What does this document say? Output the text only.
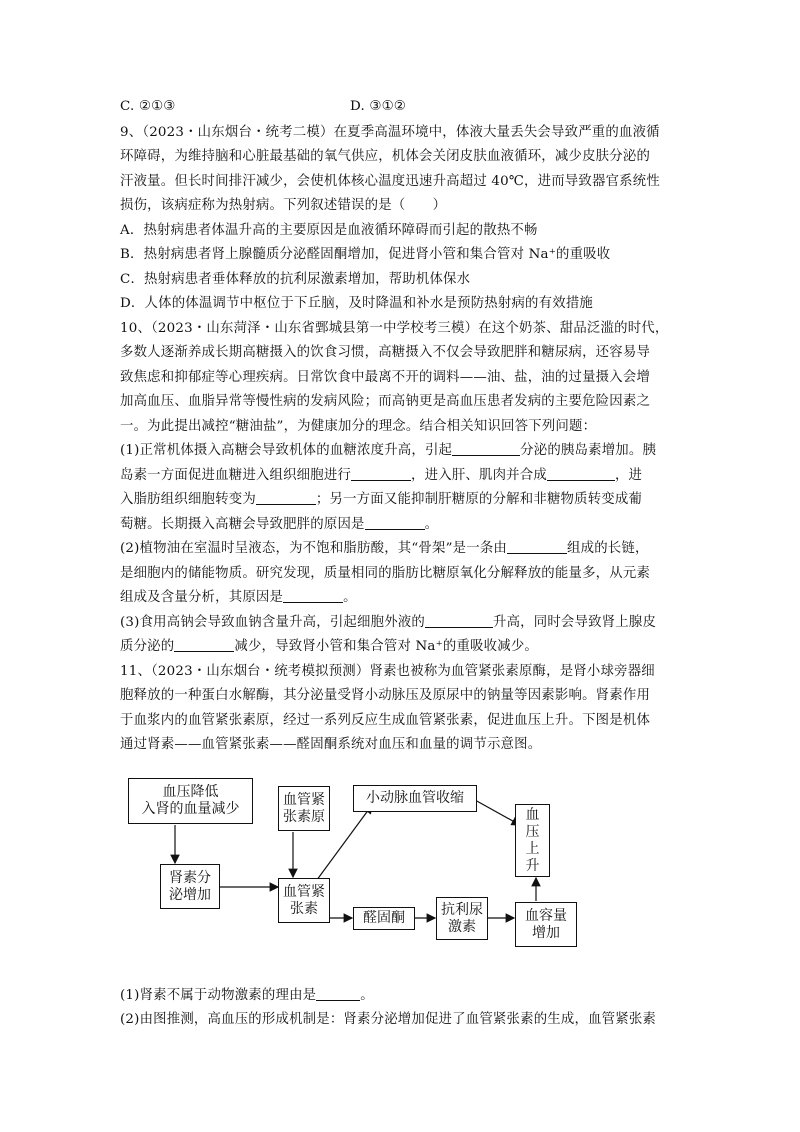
C. ②①③	D. ③①②
9、（2023・山东烟台・统考二模）在夏季高温环境中，体液大量丢失会导致严重的血液循
环障碍，为维持脑和心脏最基础的氧气供应，机体会关闭皮肤血液循环，减少皮肤分泌的
汗液量。但长时间排汗减少，会使机体核心温度迅速升高超过 40℃，进而导致器官系统性
损伤，该病症称为热射病。下列叙述错误的是（　　）
A．热射病患者体温升高的主要原因是血液循环障碍而引起的散热不畅
B．热射病患者肾上腺髓质分泌醛固酮增加，促进肾小管和集合管对 Na⁺的重吸收
C．热射病患者垂体释放的抗利尿激素增加，帮助机体保水
D．人体的体温调节中枢位于下丘脑，及时降温和补水是预防热射病的有效措施
10、（2023・山东菏泽・山东省鄄城县第一中学校考三模）在这个奶茶、甜品泛滥的时代，
多数人逐渐养成长期高糖摄入的饮食习惯，高糖摄入不仅会导致肥胖和糖尿病，还容易导
致焦虑和抑郁症等心理疾病。日常饮食中最离不开的调料——油、盐，油的过量摄入会增
加高血压、血脂异常等慢性病的发病风险；而高钠更是高血压患者发病的主要危险因素之
一。为此提出减控“糖油盐”，为健康加分的理念。结合相关知识回答下列问题：
(1)正常机体摄入高糖会导致机体的血糖浓度升高，引起	分泌的胰岛素增加。胰
岛素一方面促进血糖进入组织细胞进行	，进入肝、肌肉并合成	，进
入脂肪组织细胞转变为	；另一方面又能抑制肝糖原的分解和非糖物质转变成葡
萄糖。长期摄入高糖会导致肥胖的原因是	。
(2)植物油在室温时呈液态，为不饱和脂肪酸，其“骨架”是一条由	组成的长链，
是细胞内的储能物质。研究发现，质量相同的脂肪比糖原氧化分解释放的能量多，从元素
组成及含量分析，其原因是	。
(3)食用高钠会导致血钠含量升高，引起细胞外液的	升高，同时会导致肾上腺皮
质分泌的	减少，导致肾小管和集合管对 Na⁺的重吸收减少。
11、（2023・山东烟台・统考模拟预测）肾素也被称为血管紧张素原酶，是肾小球旁器细
胞释放的一种蛋白水解酶，其分泌量受肾小动脉压及原尿中的钠量等因素影响。肾素作用
于血浆内的血管紧张素原，经过一系列反应生成血管紧张素，促进血压上升。下图是机体
通过肾素——血管紧张素——醛固酮系统对血压和血量的调节示意图。
血压降低
入肾的血量减少
血管紧
张素原
小动脉血管收缩
血
压
上
升
肾素分
泌增加	血管紧
张素
醛固酮
抗利尿
激素
血容量
增加
(1)肾素不属于动物激素的理由是	。
(2)由图推测，高血压的形成机制是：肾素分泌增加促进了血管紧张素的生成，血管紧张素
